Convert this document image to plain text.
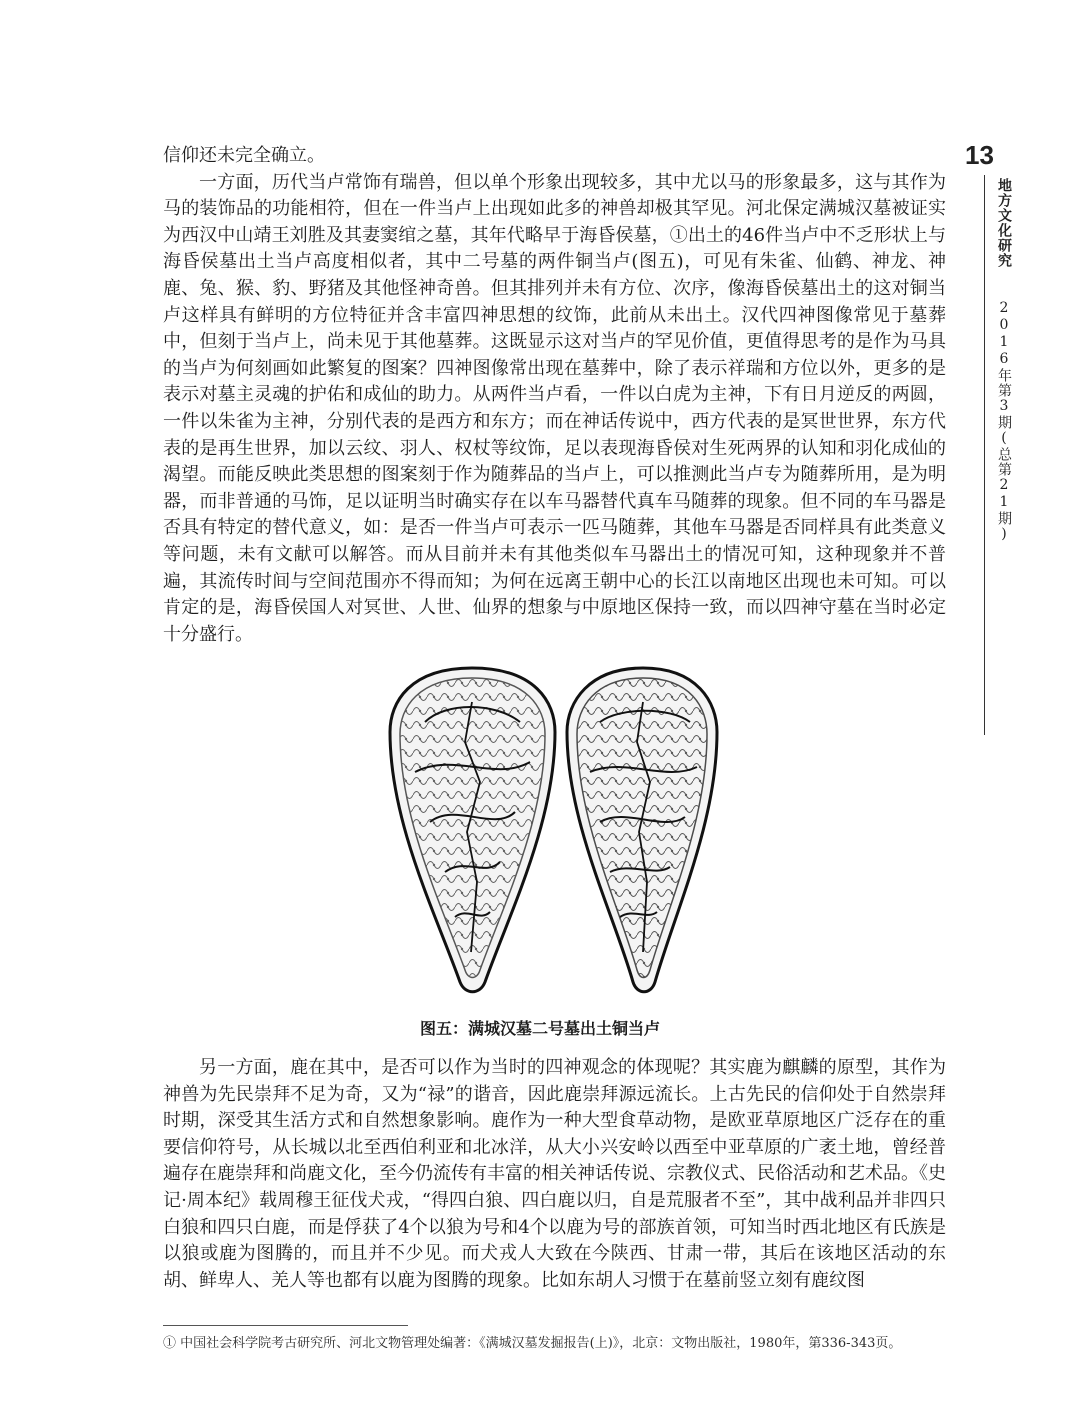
13
地方文化研究
2016年第3期(总第21期)

信仰还未完全确立。

一方面，历代当卢常饰有瑞兽，但以单个形象出现较多，其中尤以马的形象最多，这与其作为马的装饰品的功能相符，但在一件当卢上出现如此多的神兽却极其罕见。河北保定满城汉墓被证实为西汉中山靖王刘胜及其妻窦绾之墓，其年代略早于海昏侯墓，①出土的46件当卢中不乏形状上与海昏侯墓出土当卢高度相似者，其中二号墓的两件铜当卢(图五)，可见有朱雀、仙鹤、神龙、神鹿、兔、猴、豹、野猪及其他怪神奇兽。但其排列并未有方位、次序，像海昏侯墓出土的这对铜当卢这样具有鲜明的方位特征并含丰富四神思想的纹饰，此前从未出土。汉代四神图像常见于墓葬中，但刻于当卢上，尚未见于其他墓葬。这既显示这对当卢的罕见价值，更值得思考的是作为马具的当卢为何刻画如此繁复的图案？四神图像常出现在墓葬中，除了表示祥瑞和方位以外，更多的是表示对墓主灵魂的护佑和成仙的助力。从两件当卢看，一件以白虎为主神，下有日月逆反的两圆，一件以朱雀为主神，分别代表的是西方和东方；而在神话传说中，西方代表的是冥世世界，东方代表的是再生世界，加以云纹、羽人、权杖等纹饰，足以表现海昏侯对生死两界的认知和羽化成仙的渴望。而能反映此类思想的图案刻于作为随葬品的当卢上，可以推测此当卢专为随葬所用，是为明器，而非普通的马饰，足以证明当时确实存在以车马器替代真车马随葬的现象。但不同的车马器是否具有特定的替代意义，如：是否一件当卢可表示一匹马随葬，其他车马器是否同样具有此类意义等问题，未有文献可以解答。而从目前并未有其他类似车马器出土的情况可知，这种现象并不普遍，其流传时间与空间范围亦不得而知；为何在远离王朝中心的长江以南地区出现也未可知。可以肯定的是，海昏侯国人对冥世、人世、仙界的想象与中原地区保持一致，而以四神守墓在当时必定十分盛行。

图五：满城汉墓二号墓出土铜当卢

另一方面，鹿在其中，是否可以作为当时的四神观念的体现呢？其实鹿为麒麟的原型，其作为神兽为先民崇拜不足为奇，又为“禄”的谐音，因此鹿崇拜源远流长。上古先民的信仰处于自然崇拜时期，深受其生活方式和自然想象影响。鹿作为一种大型食草动物，是欧亚草原地区广泛存在的重要信仰符号，从长城以北至西伯利亚和北冰洋，从大小兴安岭以西至中亚草原的广袤土地，曾经普遍存在鹿崇拜和尚鹿文化，至今仍流传有丰富的相关神话传说、宗教仪式、民俗活动和艺术品。《史记·周本纪》载周穆王征伐犬戎，“得四白狼、四白鹿以归，自是荒服者不至”，其中战利品并非四只白狼和四只白鹿，而是俘获了4个以狼为号和4个以鹿为号的部族首领，可知当时西北地区有氏族是以狼或鹿为图腾的，而且并不少见。而犬戎人大致在今陕西、甘肃一带，其后在该地区活动的东胡、鲜卑人、羌人等也都有以鹿为图腾的现象。比如东胡人习惯于在墓前竖立刻有鹿纹图

① 中国社会科学院考古研究所、河北文物管理处编著：《满城汉墓发掘报告(上)》，北京：文物出版社，1980年，第336-343页。
